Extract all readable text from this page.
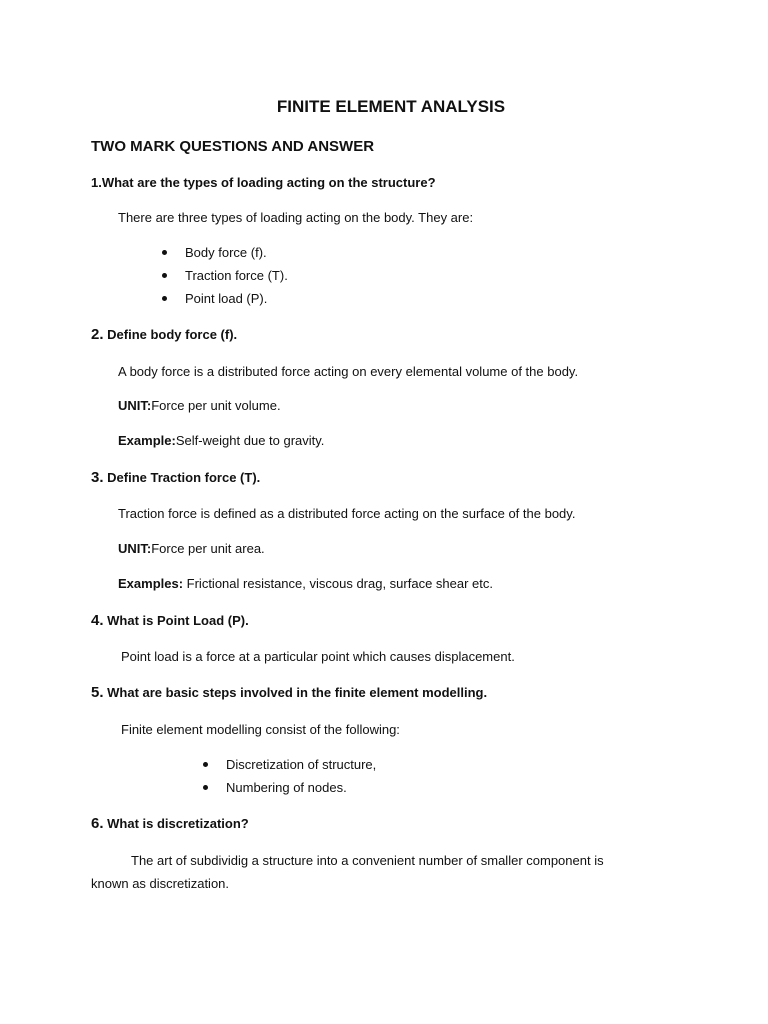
FINITE ELEMENT ANALYSIS
TWO MARK QUESTIONS AND ANSWER
1.What are the types of loading acting on the structure?
There are three types of loading acting on the body. They are:
Body force (f).
Traction force (T).
Point load (P).
2. Define body force (f).
A body force is a distributed force acting on every elemental volume of the body.
UNIT:Force per unit volume.
Example:Self-weight due to gravity.
3. Define Traction force (T).
Traction force is defined as a distributed force acting on the surface of the body.
UNIT:Force per unit area.
Examples: Frictional resistance, viscous drag, surface shear etc.
4. What is Point Load (P).
Point load is a force at a particular point which causes displacement.
5. What are basic steps involved in the finite element modelling.
Finite element modelling consist of the following:
Discretization of structure,
Numbering of nodes.
6. What is discretization?
The art of subdividig a structure into a convenient number of smaller component is
known as discretization.
